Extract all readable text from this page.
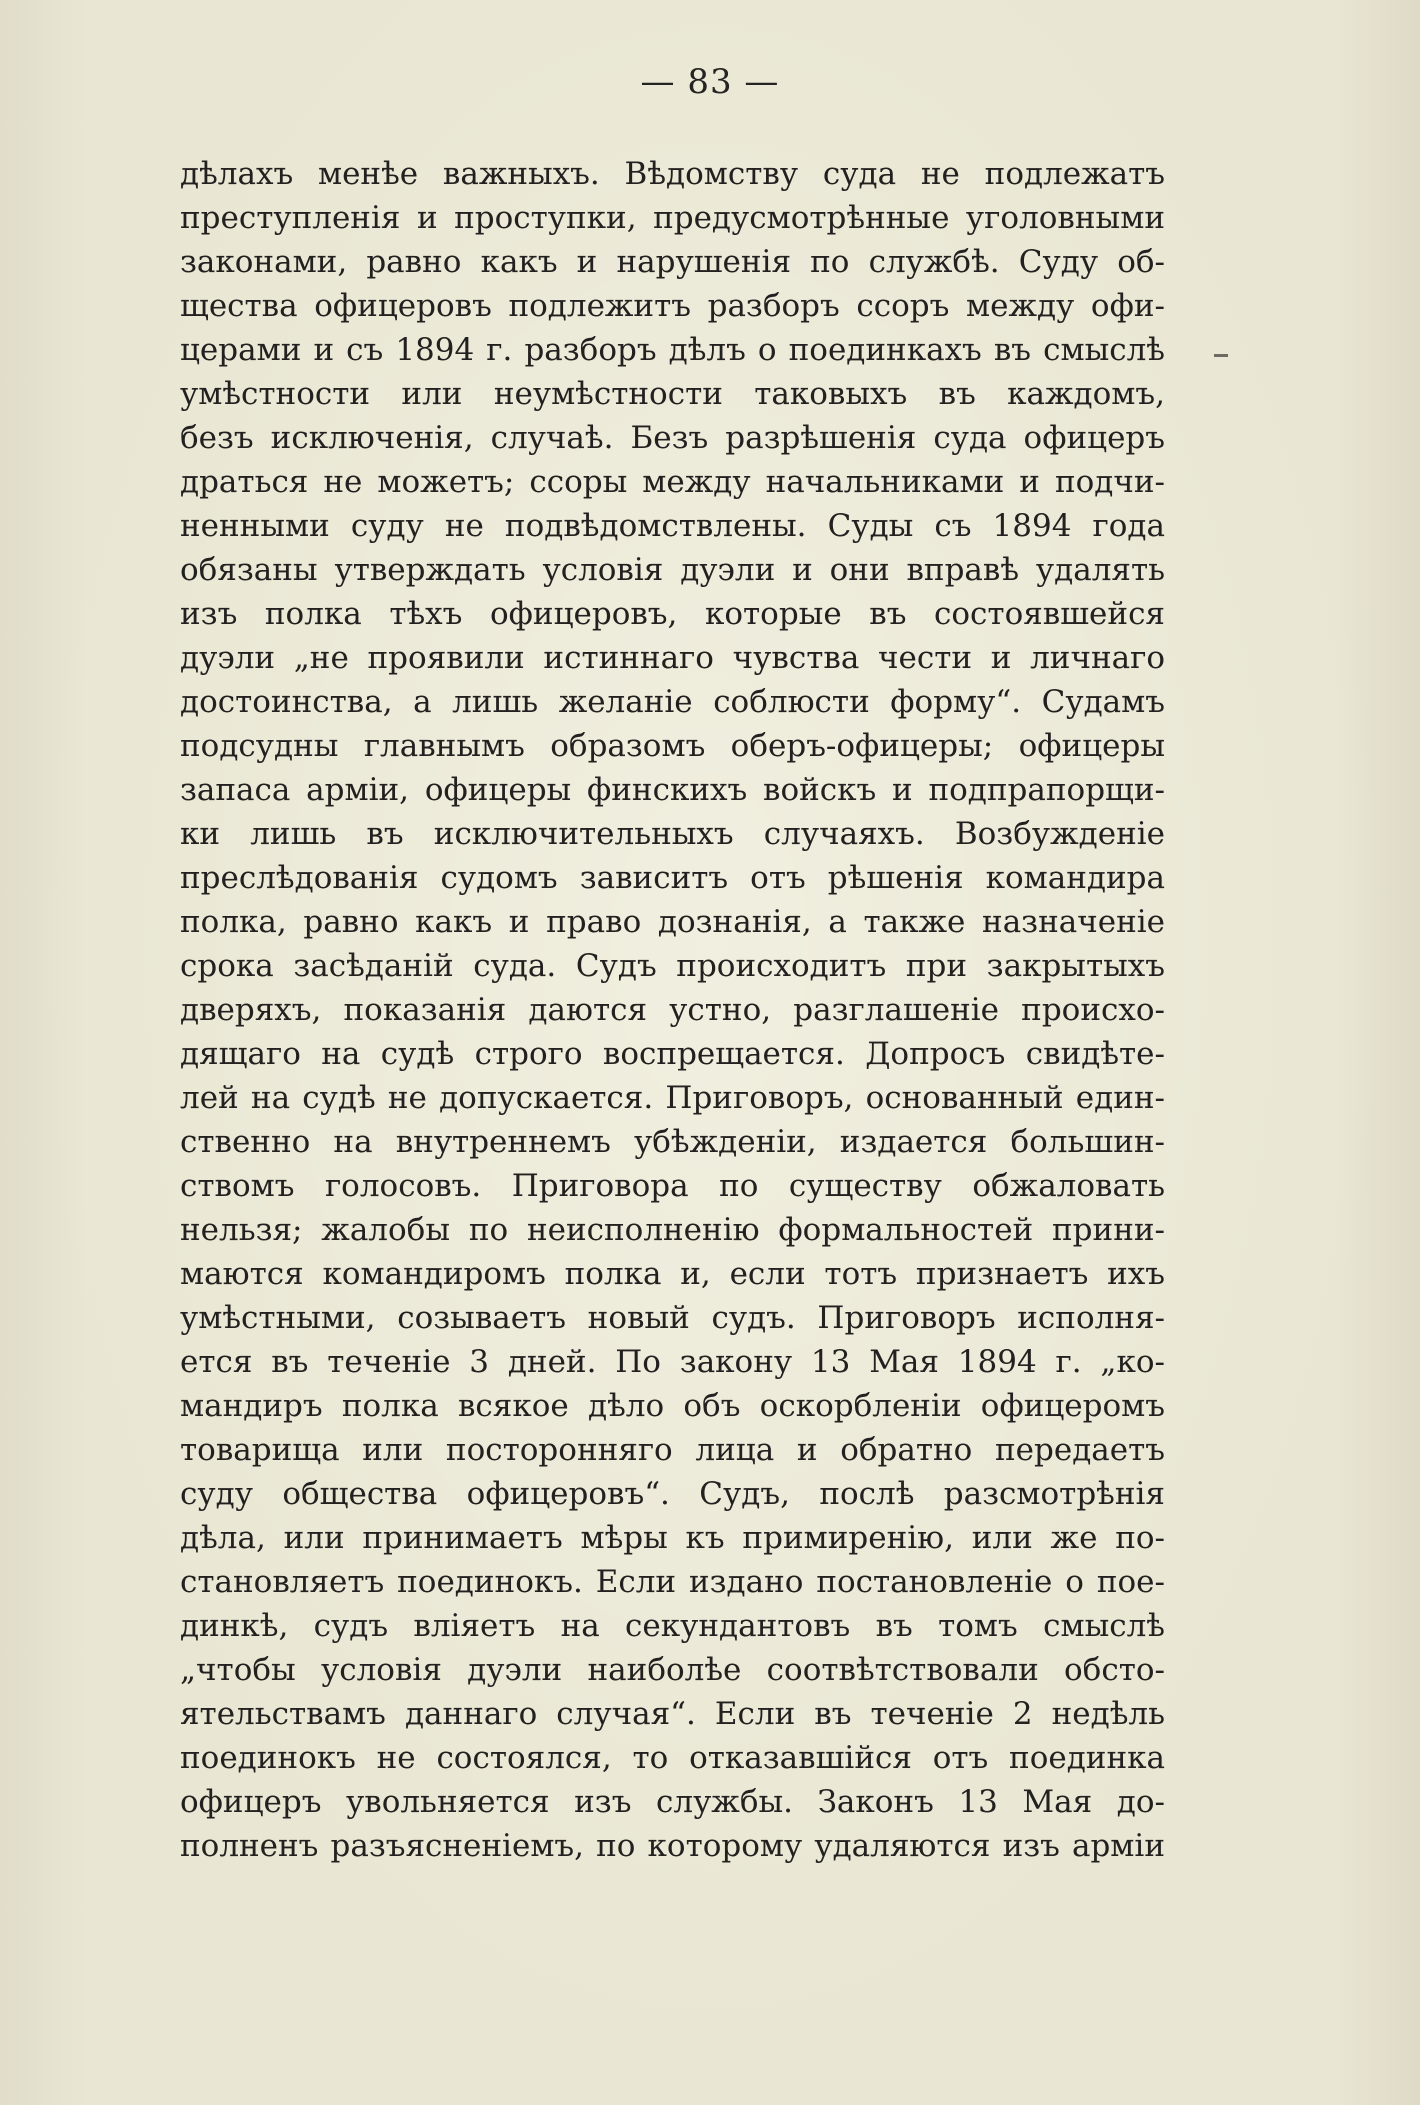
— 83 —
дѣлахъ менѣе важныхъ. Вѣдомству суда не подлежатъ
преступленія и проступки, предусмотрѣнные уголовными
законами, равно какъ и нарушенія по службѣ. Суду об-
щества офицеровъ подлежитъ разборъ ссоръ между офи-
церами и съ 1894 г. разборъ дѣлъ о поединкахъ въ смыслѣ
умѣстности или неумѣстности таковыхъ въ каждомъ,
безъ исключенія, случаѣ. Безъ разрѣшенія суда офицеръ
драться не можетъ; ссоры между начальниками и подчи-
ненными суду не подвѣдомствлены. Суды съ 1894 года
обязаны утверждать условія дуэли и они вправѣ удалять
изъ полка тѣхъ офицеровъ, которые въ состоявшейся
дуэли „не проявили истиннаго чувства чести и личнаго
достоинства, а лишь желаніе соблюсти форму“. Судамъ
подсудны главнымъ образомъ оберъ-офицеры; офицеры
запаса арміи, офицеры финскихъ войскъ и подпрапорщи-
ки лишь въ исключительныхъ случаяхъ. Возбужденіе
преслѣдованія судомъ зависитъ отъ рѣшенія командира
полка, равно какъ и право дознанія, а также назначеніе
срока засѣданій суда. Судъ происходитъ при закрытыхъ
дверяхъ, показанія даются устно, разглашеніе происхо-
дящаго на судѣ строго воспрещается. Допросъ свидѣте-
лей на судѣ не допускается. Приговоръ, основанный един-
ственно на внутреннемъ убѣжденіи, издается большин-
ствомъ голосовъ. Приговора по существу обжаловать
нельзя; жалобы по неисполненію формальностей прини-
маются командиромъ полка и, если тотъ признаетъ ихъ
умѣстными, созываетъ новый судъ. Приговоръ исполня-
ется въ теченіе 3 дней. По закону 13 Мая 1894 г. „ко-
мандиръ полка всякое дѣло объ оскорбленіи офицеромъ
товарища или посторонняго лица и обратно передаетъ
суду общества офицеровъ“. Судъ, послѣ разсмотрѣнія
дѣла, или принимаетъ мѣры къ примиренію, или же по-
становляетъ поединокъ. Если издано постановленіе о пое-
динкѣ, судъ вліяетъ на секундантовъ въ томъ смыслѣ
„чтобы условія дуэли наиболѣе соотвѣтствовали обсто-
ятельствамъ даннаго случая“. Если въ теченіе 2 недѣль
поединокъ не состоялся, то отказавшійся отъ поединка
офицеръ увольняется изъ службы. Законъ 13 Мая до-
полненъ разъясненіемъ, по которому удаляются изъ арміи
